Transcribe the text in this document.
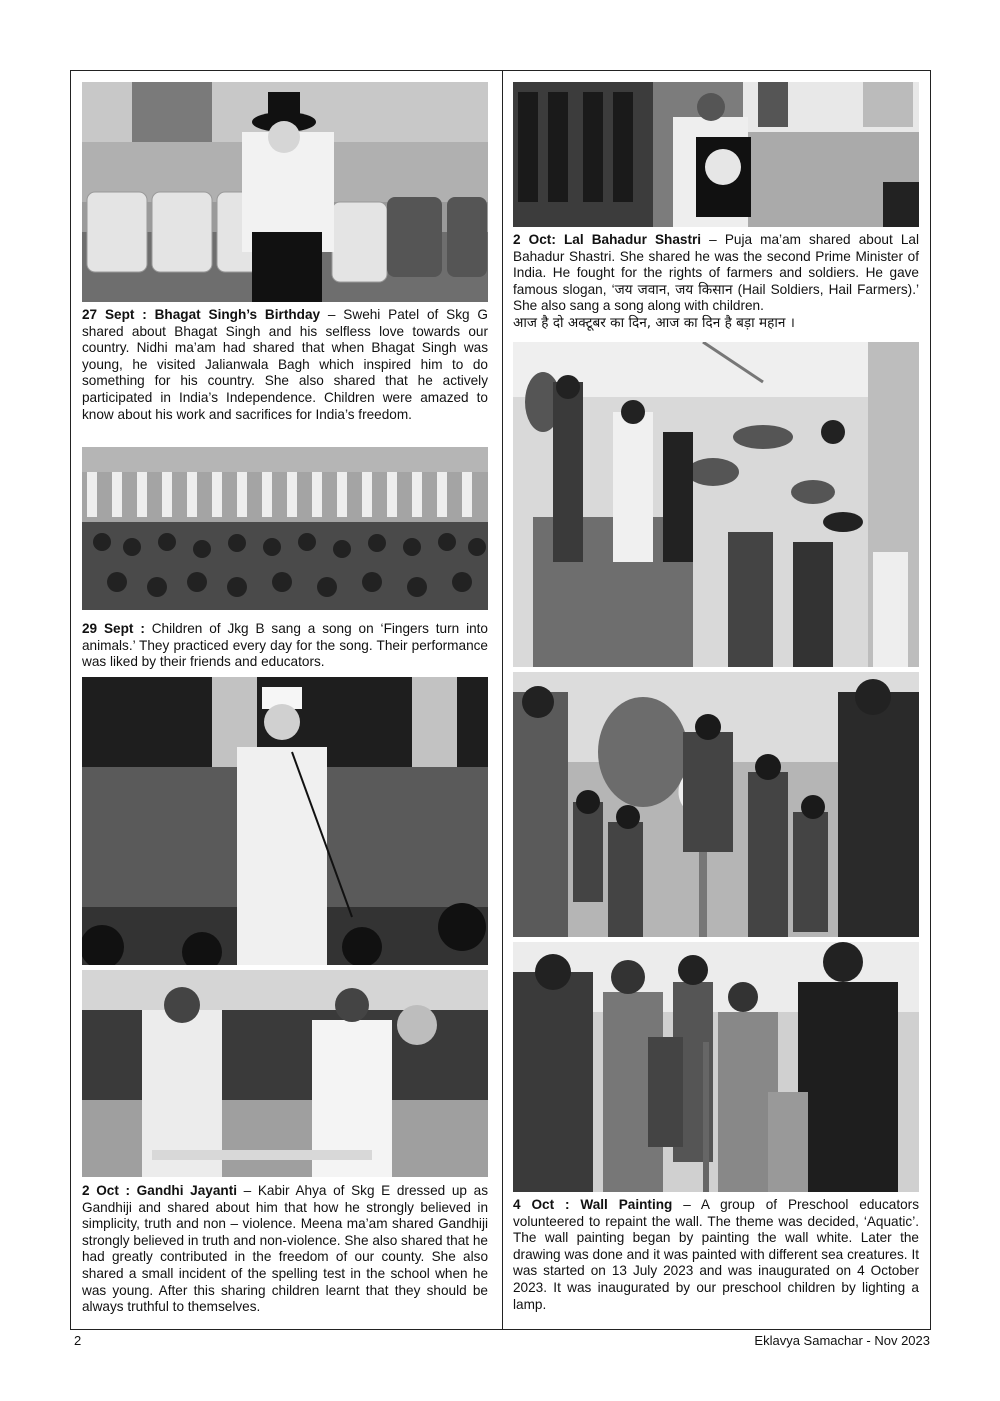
27 Sept : Bhagat Singh’s Birthday – Swehi Patel of Skg G shared about Bhagat Singh and his selfless love towards our country. Nidhi ma’am had shared that when Bhagat Singh was young, he visited Jalianwala Bagh which inspired him to do something for his country. She also shared that he actively participated in India’s Independence. Children were amazed to know about his work and sacrifices for India’s freedom.

29 Sept : Children of Jkg B sang a song on ‘Fingers turn into animals.’ They practiced every day for the song. Their performance was liked by their friends and educators.

2 Oct : Gandhi Jayanti – Kabir Ahya of Skg E dressed up as Gandhiji and shared about him that how he strongly believed in simplicity, truth and non – violence. Meena ma’am shared Gandhiji strongly believed in truth and non-violence. She also shared that he had greatly contributed in the freedom of our county. She also shared a small incident of the spelling test in the school when he was young. After this sharing children learnt that they should be always truthful to themselves.

2 Oct: Lal Bahadur Shastri – Puja ma’am shared about Lal Bahadur Shastri. She shared he was the second Prime Minister of India. He fought for the rights of farmers and soldiers. He gave famous slogan, ‘जय जवान, जय किसान (Hail Soldiers, Hail Farmers).’ She also sang a song along with children.
आज है दो अक्टूबर का दिन, आज का दिन है बड़ा महान ।

4 Oct : Wall Painting – A group of Preschool educators volunteered to repaint the wall. The theme was decided, ‘Aquatic’. The wall painting began by painting the wall white. Later the drawing was done and it was painted with different sea creatures. It was started on 13 July 2023 and was inaugurated on 4 October 2023. It was inaugurated by our preschool children by lighting a lamp.

2	Eklavya Samachar - Nov 2023
